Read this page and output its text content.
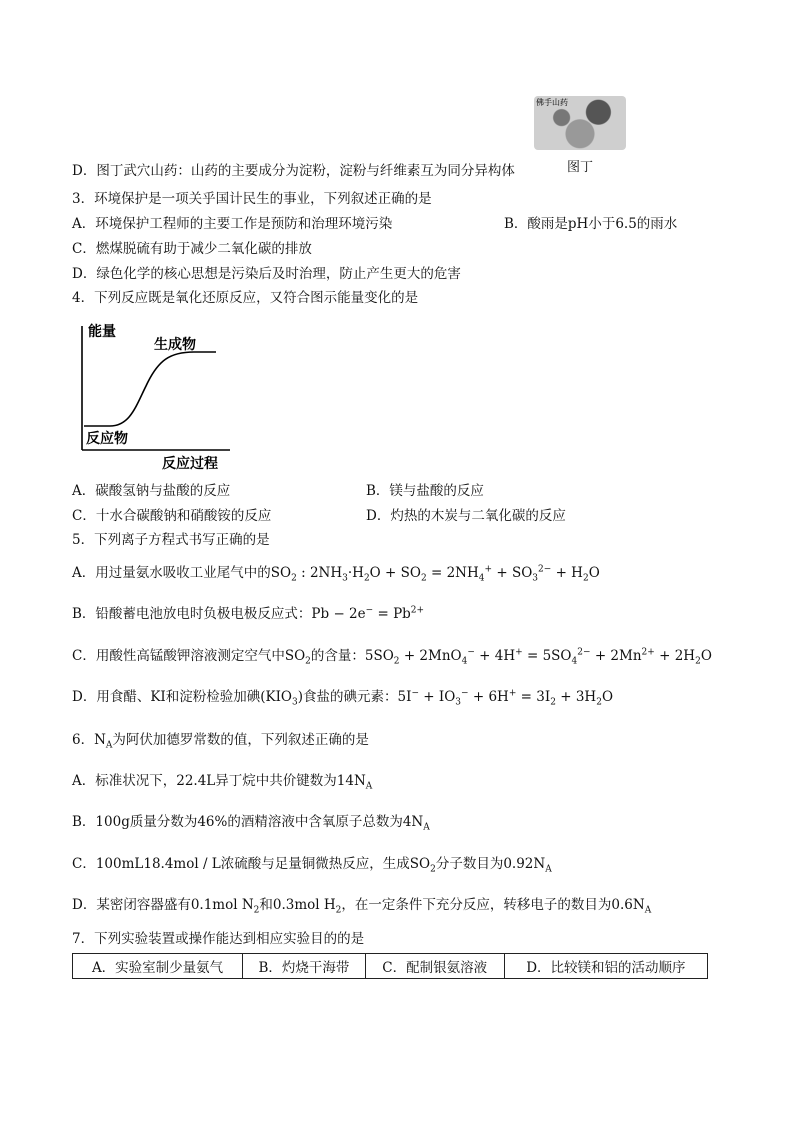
佛手山药
图丁
D．图丁武穴山药：山药的主要成分为淀粉，淀粉与纤维素互为同分异构体
3．环境保护是一项关乎国计民生的事业，下列叙述正确的是
A．环境保护工程师的主要工作是预防和治理环境污染	B．酸雨是pH小于6.5的雨水
C．燃煤脱硫有助于减少二氧化碳的排放
D．绿色化学的核心思想是污染后及时治理，防止产生更大的危害
4．下列反应既是氧化还原反应，又符合图示能量变化的是
能量
生成物
反应物
反应过程
A．碳酸氢钠与盐酸的反应	B．镁与盐酸的反应
C．十水合碳酸钠和硝酸铵的反应	D．灼热的木炭与二氧化碳的反应
5．下列离子方程式书写正确的是
A．用过量氨水吸收工业尾气中的$SO_2$ : $2NH_3\cdot H_2O + SO_2 = 2NH_4^+ + SO_3^{2-} + H_2O$
B．铅酸蓄电池放电时负极电极反应式：$Pb - 2e^- = Pb^{2+}$
C．用酸性高锰酸钾溶液测定空气中$SO_2$的含量：$5SO_2 + 2MnO_4^- + 4H^+ = 5SO_4^{2-} + 2Mn^{2+} + 2H_2O$
D．用食醋、KI和淀粉检验加碘$(KIO_3)$食盐的碘元素：$5I^- + IO_3^- + 6H^+ = 3I_2 + 3H_2O$
6．$N_A$为阿伏加德罗常数的值，下列叙述正确的是
A．标准状况下，22.4L异丁烷中共价键数为$14N_A$
B．100g质量分数为46%的酒精溶液中含氧原子总数为$4N_A$
C．100mL18.4mol / L浓硫酸与足量铜微热反应，生成$SO_2$分子数目为$0.92N_A$
D．某密闭容器盛有0.1mol $N_2$和0.3mol $H_2$，在一定条件下充分反应，转移电子的数目为$0.6N_A$
7．下列实验装置或操作能达到相应实验目的的是
A．实验室制少量氨气	B．灼烧干海带	C．配制银氨溶液	D．比较镁和铝的活动顺序
